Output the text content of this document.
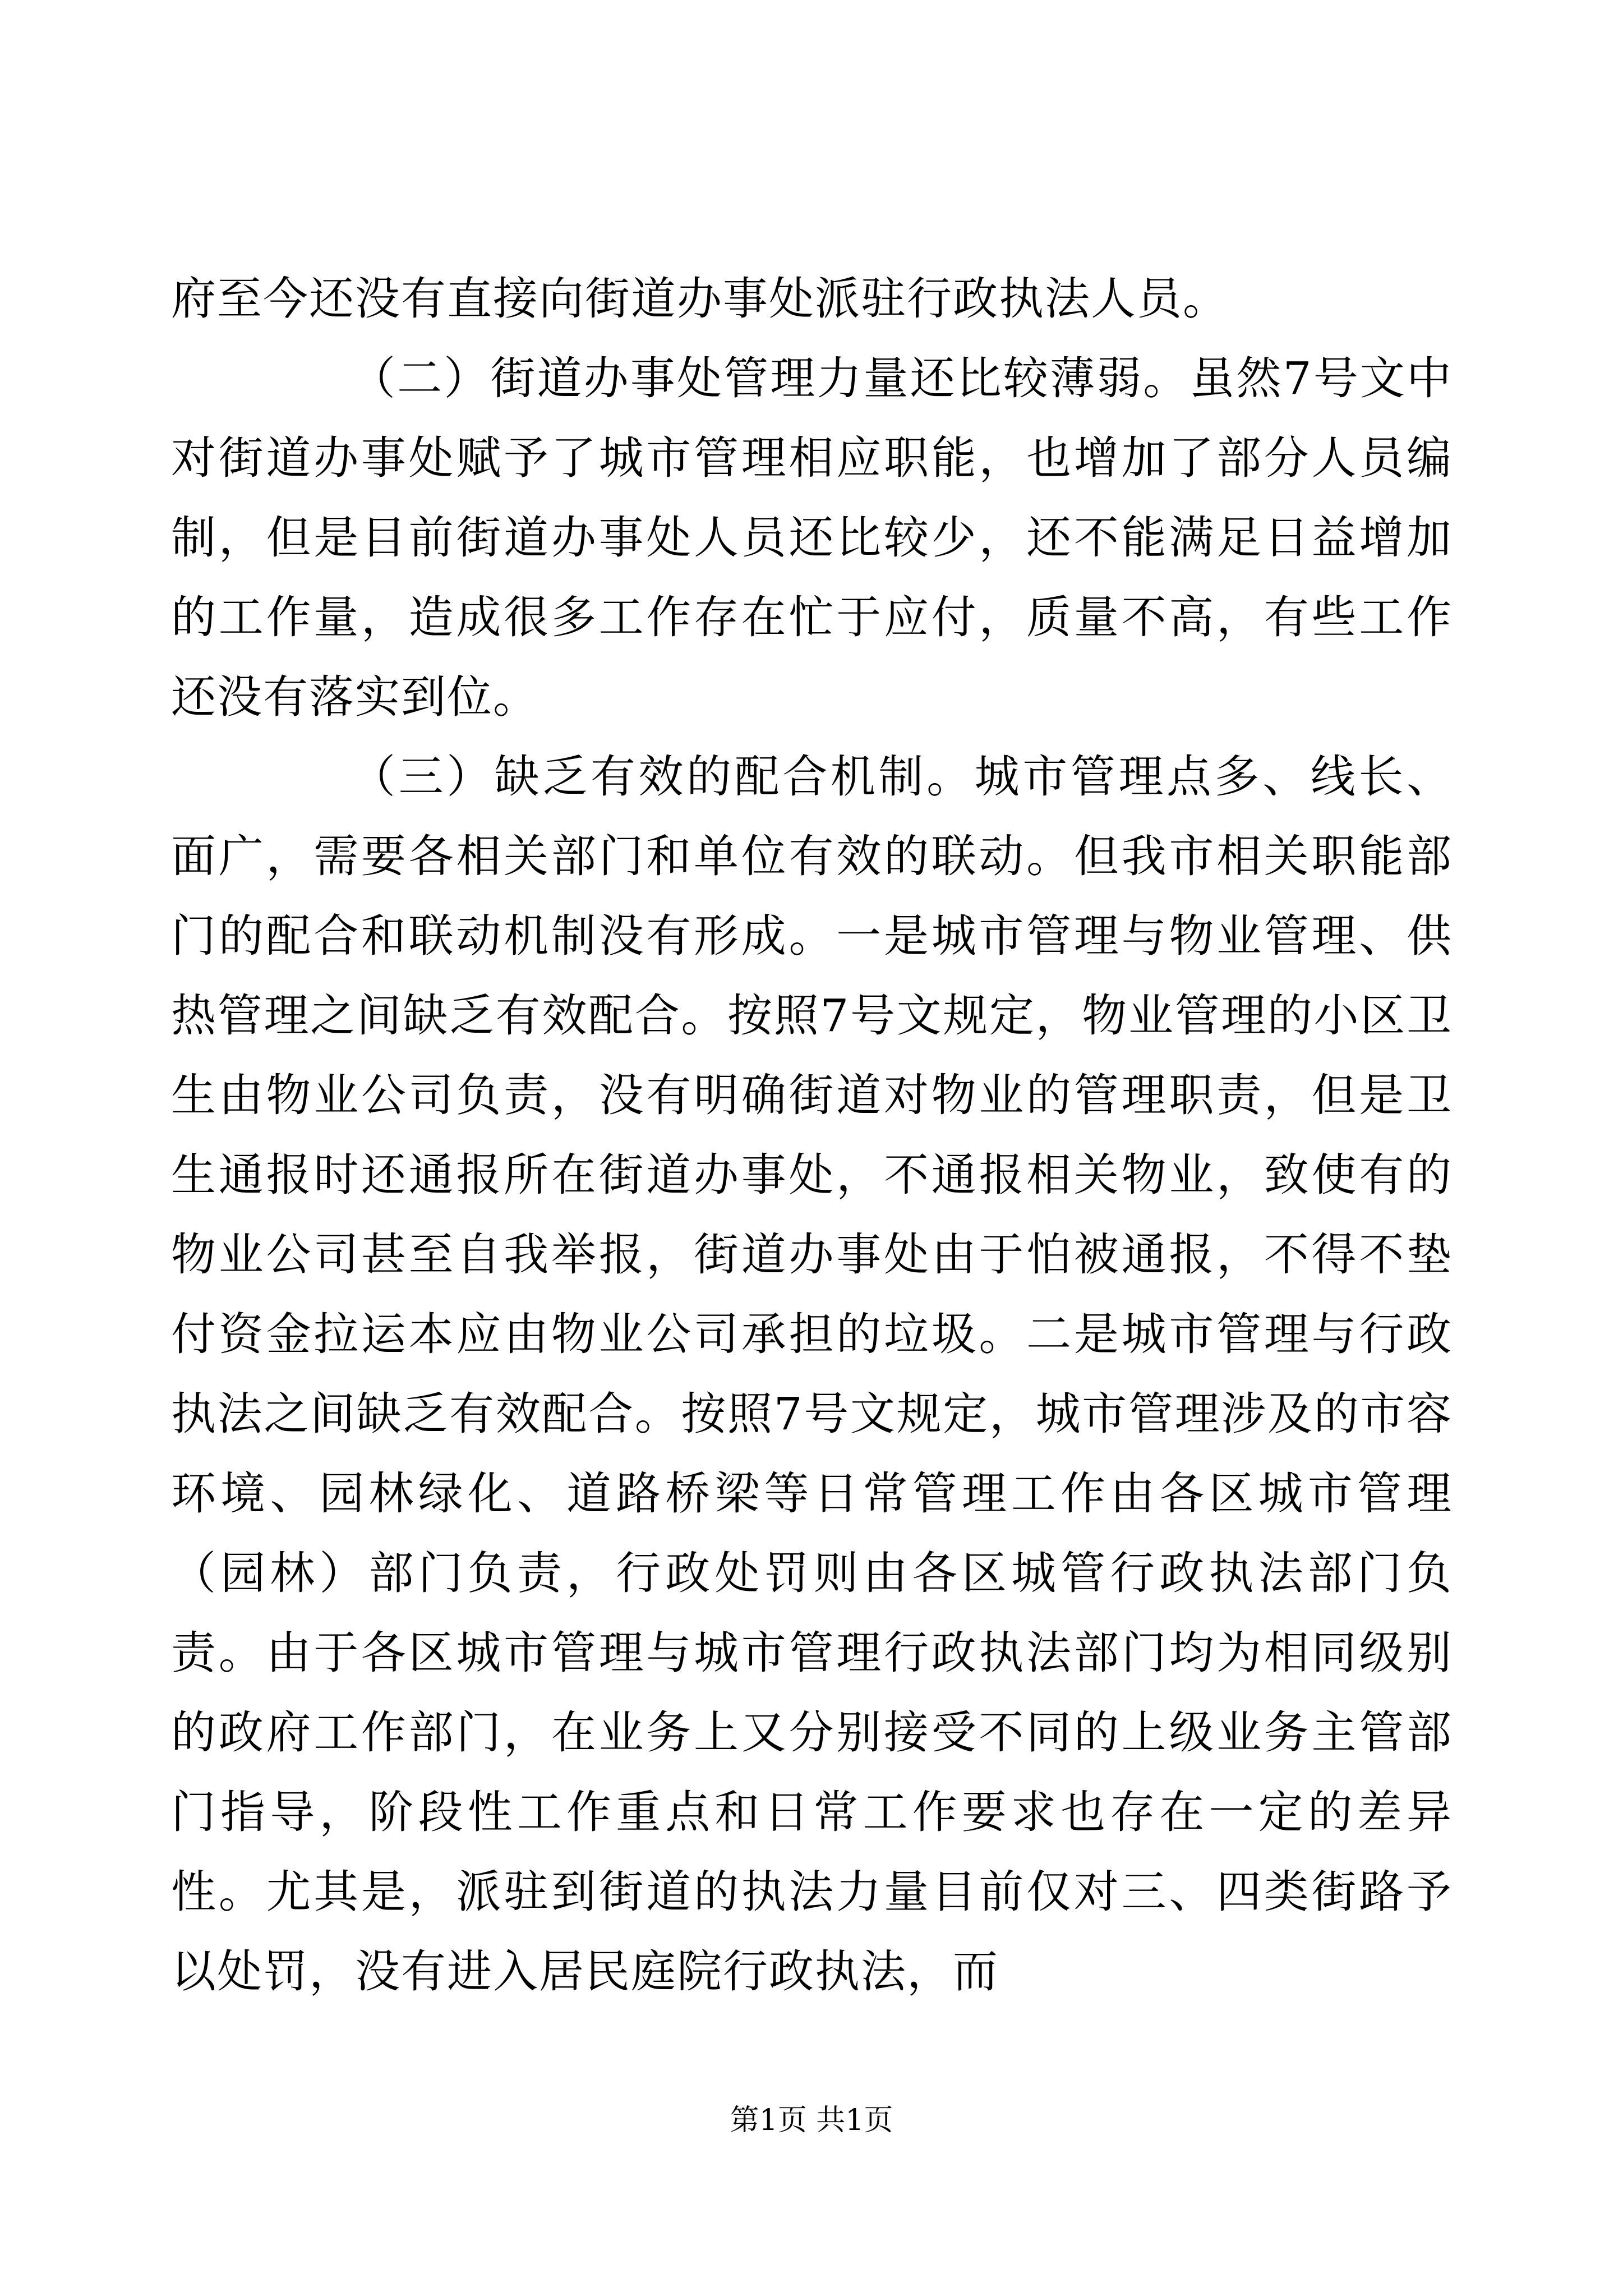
府至今还没有直接向街道办事处派驻行政执法人员。

（二）街道办事处管理力量还比较薄弱。虽然7号文中对街道办事处赋予了城市管理相应职能，也增加了部分人员编制，但是目前街道办事处人员还比较少，还不能满足日益增加的工作量，造成很多工作存在忙于应付，质量不高，有些工作还没有落实到位。

（三）缺乏有效的配合机制。城市管理点多、线长、面广，需要各相关部门和单位有效的联动。但我市相关职能部门的配合和联动机制没有形成。一是城市管理与物业管理、供热管理之间缺乏有效配合。按照7号文规定，物业管理的小区卫生由物业公司负责，没有明确街道对物业的管理职责，但是卫生通报时还通报所在街道办事处，不通报相关物业，致使有的物业公司甚至自我举报，街道办事处由于怕被通报，不得不垫付资金拉运本应由物业公司承担的垃圾。二是城市管理与行政执法之间缺乏有效配合。按照7号文规定，城市管理涉及的市容环境、园林绿化、道路桥梁等日常管理工作由各区城市管理（园林）部门负责，行政处罚则由各区城管行政执法部门负责。由于各区城市管理与城市管理行政执法部门均为相同级别的政府工作部门，在业务上又分别接受不同的上级业务主管部门指导，阶段性工作重点和日常工作要求也存在一定的差异性。尤其是，派驻到街道的执法力量目前仅对三、四类街路予以处罚，没有进入居民庭院行政执法，而

第1页 共1页
